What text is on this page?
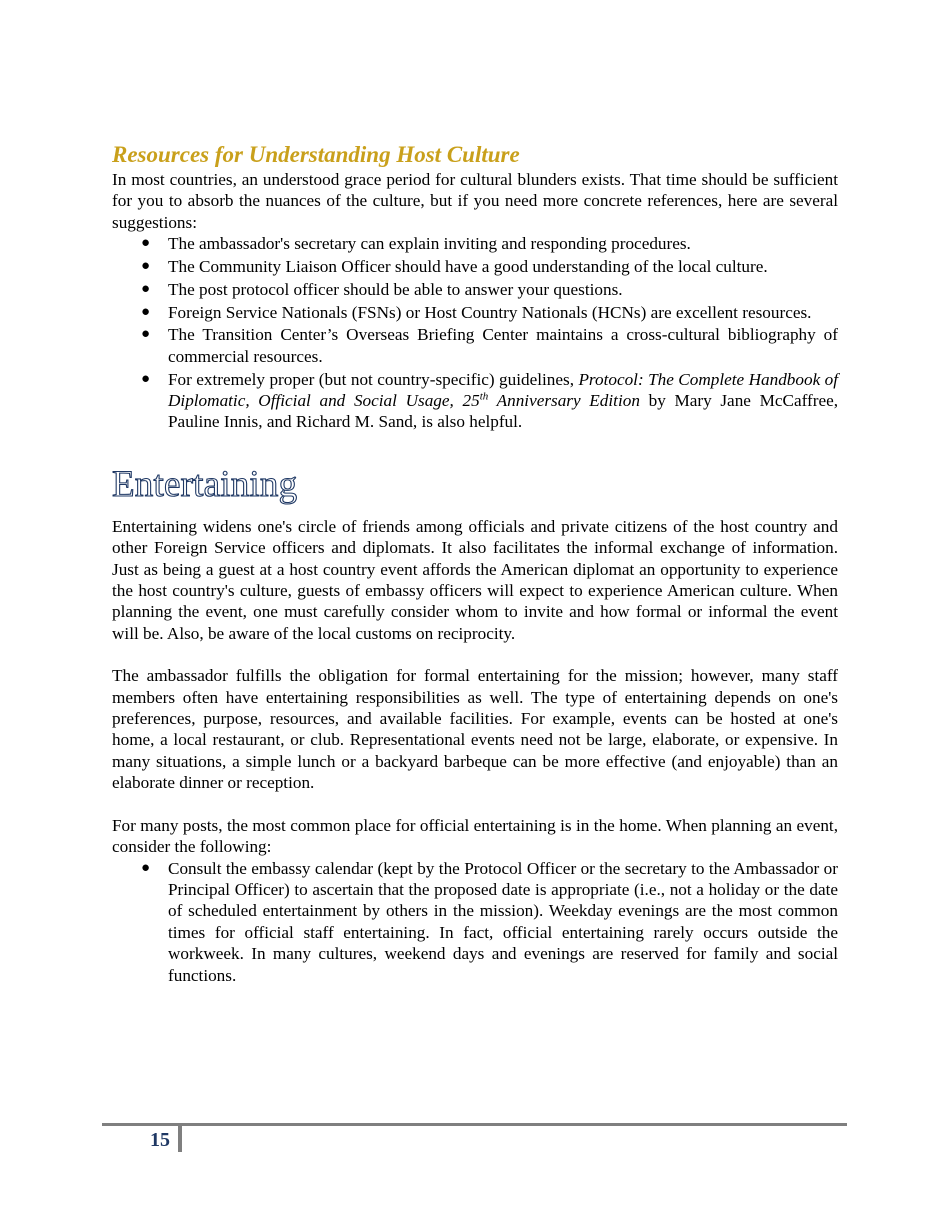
Resources for Understanding Host Culture

In most countries, an understood grace period for cultural blunders exists. That time should be sufficient for you to absorb the nuances of the culture, but if you need more concrete references, here are several suggestions:

● The ambassador's secretary can explain inviting and responding procedures.
● The Community Liaison Officer should have a good understanding of the local culture.
● The post protocol officer should be able to answer your questions.
● Foreign Service Nationals (FSNs) or Host Country Nationals (HCNs) are excellent resources.
● The Transition Center’s Overseas Briefing Center maintains a cross-cultural bibliography of commercial resources.
● For extremely proper (but not country-specific) guidelines, Protocol: The Complete Handbook of Diplomatic, Official and Social Usage, 25th Anniversary Edition by Mary Jane McCaffree, Pauline Innis, and Richard M. Sand, is also helpful.
Entertaining

Entertaining widens one's circle of friends among officials and private citizens of the host country and other Foreign Service officers and diplomats. It also facilitates the informal exchange of information. Just as being a guest at a host country event affords the American diplomat an opportunity to experience the host country's culture, guests of embassy officers will expect to experience American culture. When planning the event, one must carefully consider whom to invite and how formal or informal the event will be. Also, be aware of the local customs on reciprocity.

The ambassador fulfills the obligation for formal entertaining for the mission; however, many staff members often have entertaining responsibilities as well. The type of entertaining depends on one's preferences, purpose, resources, and available facilities. For example, events can be hosted at one's home, a local restaurant, or club. Representational events need not be large, elaborate, or expensive. In many situations, a simple lunch or a backyard barbeque can be more effective (and enjoyable) than an elaborate dinner or reception.

For many posts, the most common place for official entertaining is in the home. When planning an event, consider the following:

● Consult the embassy calendar (kept by the Protocol Officer or the secretary to the Ambassador or Principal Officer) to ascertain that the proposed date is appropriate (i.e., not a holiday or the date of scheduled entertainment by others in the mission). Weekday evenings are the most common times for official staff entertaining. In fact, official entertaining rarely occurs outside the workweek. In many cultures, weekend days and evenings are reserved for family and social functions.
15
